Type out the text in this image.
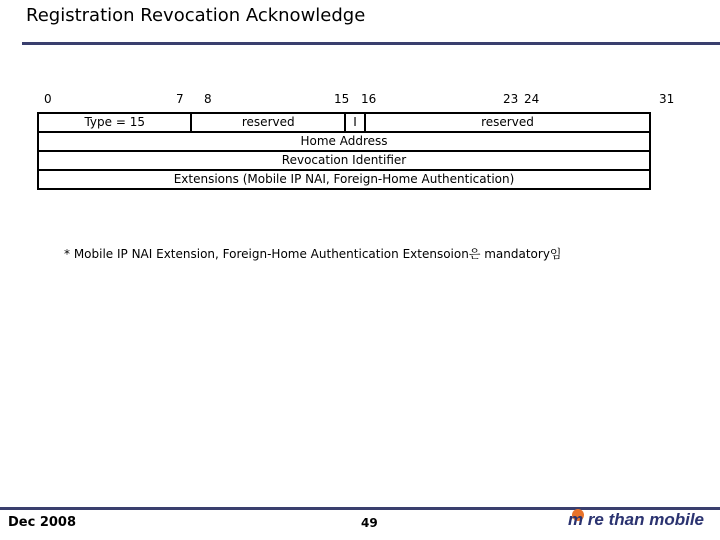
Registration Revocation Acknowledge
0	7 8	15 16	23 24	31
Type = 15	reserved	I	reserved
Home Address
Revocation Identifier
Extensions (Mobile IP NAI, Foreign-Home Authentication)
* Mobile IP NAI Extension, Foreign-Home Authentication Extensoion은 mandatory임
Dec 2008	49	m re than mobile
